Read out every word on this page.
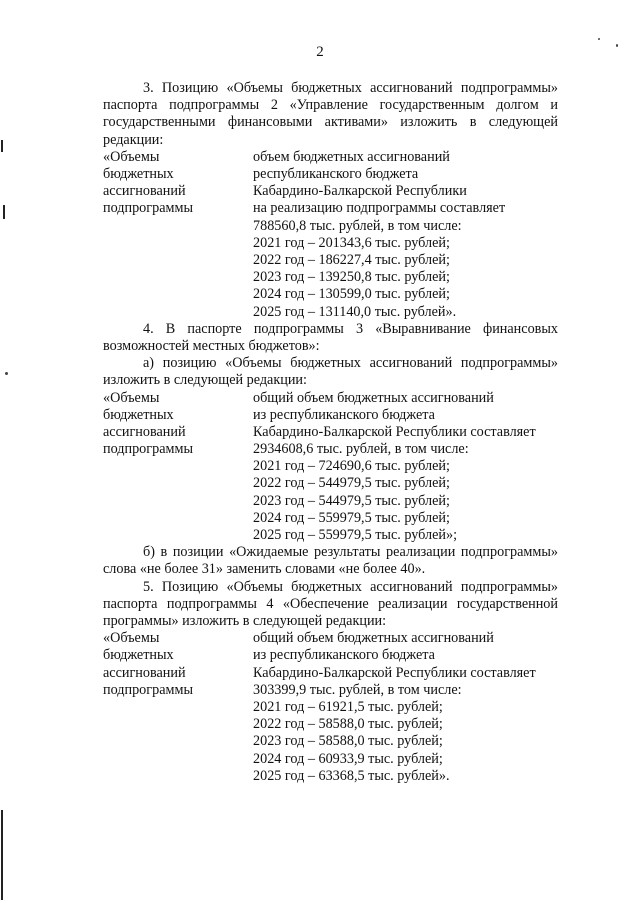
2

3. Позицию «Объемы бюджетных ассигнований подпрограммы» паспорта подпрограммы 2 «Управление государственным долгом и государственными финансовыми активами» изложить в следующей редакции:

«Объемы
бюджетных
ассигнований
подпрограммы
объем бюджетных ассигнований
республиканского бюджета
Кабардино-Балкарской Республики
на реализацию подпрограммы составляет
788560,8 тыс. рублей, в том числе:
2021 год – 201343,6 тыс. рублей;
2022 год – 186227,4 тыс. рублей;
2023 год – 139250,8 тыс. рублей;
2024 год – 130599,0 тыс. рублей;
2025 год – 131140,0 тыс. рублей».

4. В паспорте подпрограммы 3 «Выравнивание финансовых возможностей местных бюджетов»:

а) позицию «Объемы бюджетных ассигнований подпрограммы» изложить в следующей редакции:

«Объемы
бюджетных
ассигнований
подпрограммы
общий объем бюджетных ассигнований
из республиканского бюджета
Кабардино-Балкарской Республики составляет
2934608,6 тыс. рублей, в том числе:
2021 год – 724690,6 тыс. рублей;
2022 год – 544979,5 тыс. рублей;
2023 год – 544979,5 тыс. рублей;
2024 год – 559979,5 тыс. рублей;
2025 год – 559979,5 тыс. рублей»;

б) в позиции «Ожидаемые результаты реализации подпрограммы» слова «не более 31» заменить словами «не более 40».

5. Позицию «Объемы бюджетных ассигнований подпрограммы» паспорта подпрограммы 4 «Обеспечение реализации государственной программы» изложить в следующей редакции:

«Объемы
бюджетных
ассигнований
подпрограммы
общий объем бюджетных ассигнований
из республиканского бюджета
Кабардино-Балкарской Республики составляет
303399,9 тыс. рублей, в том числе:
2021 год – 61921,5 тыс. рублей;
2022 год – 58588,0 тыс. рублей;
2023 год – 58588,0 тыс. рублей;
2024 год – 60933,9 тыс. рублей;
2025 год – 63368,5 тыс. рублей».
